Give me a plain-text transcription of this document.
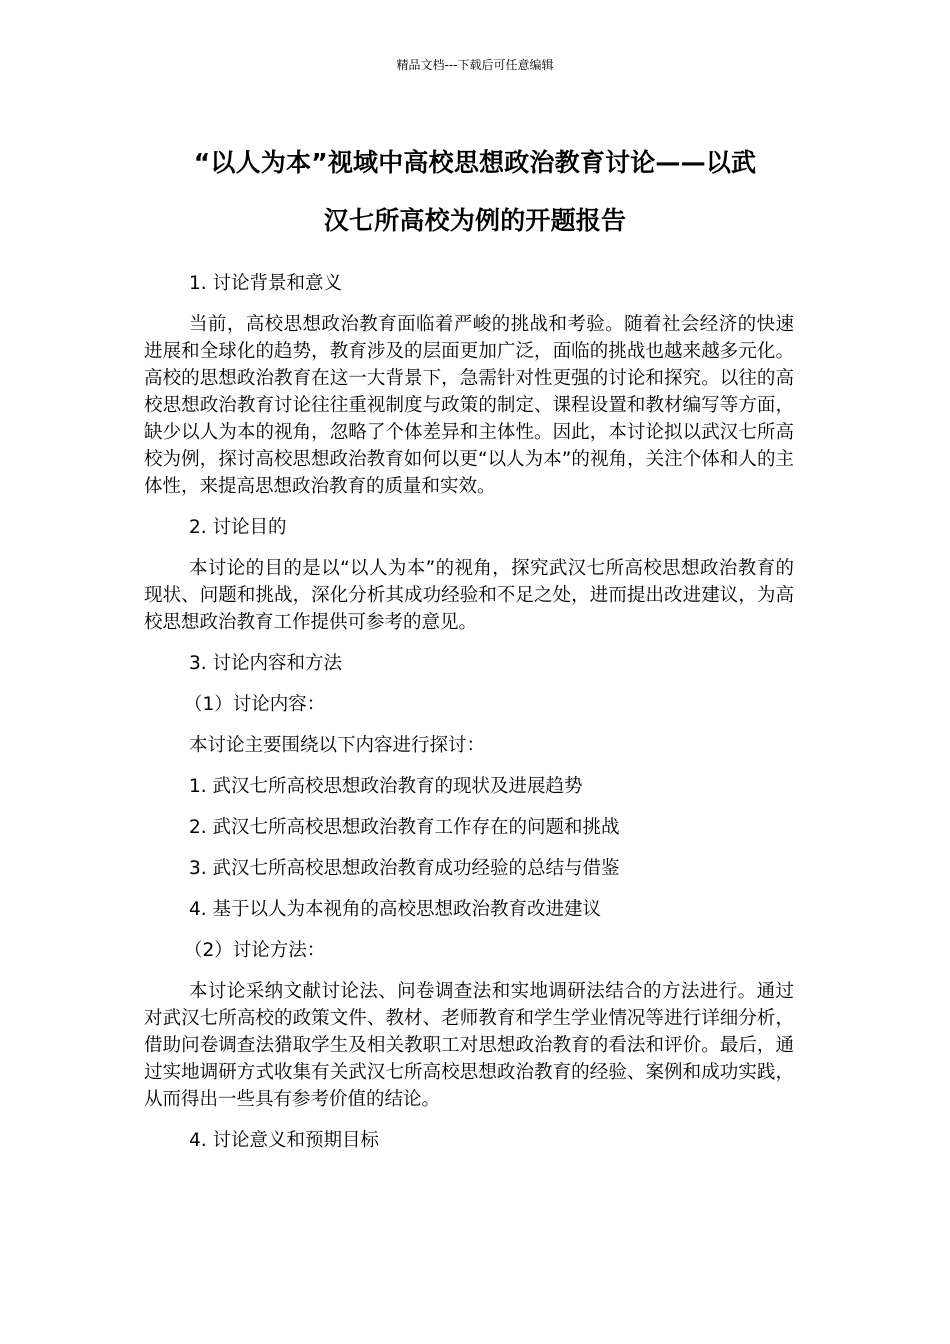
精品文档---下载后可任意编辑
“以人为本”视域中高校思想政治教育讨论——以武
汉七所高校为例的开题报告

1. 讨论背景和意义

当前，高校思想政治教育面临着严峻的挑战和考验。随着社会经济的快速进展和全球化的趋势，教育涉及的层面更加广泛，面临的挑战也越来越多元化。高校的思想政治教育在这一大背景下，急需针对性更强的讨论和探究。以往的高校思想政治教育讨论往往重视制度与政策的制定、课程设置和教材编写等方面，缺少以人为本的视角，忽略了个体差异和主体性。因此，本讨论拟以武汉七所高校为例，探讨高校思想政治教育如何以更“以人为本”的视角，关注个体和人的主体性，来提高思想政治教育的质量和实效。

2. 讨论目的

本讨论的目的是以“以人为本”的视角，探究武汉七所高校思想政治教育的现状、问题和挑战，深化分析其成功经验和不足之处，进而提出改进建议，为高校思想政治教育工作提供可参考的意见。

3. 讨论内容和方法

（1）讨论内容：

本讨论主要围绕以下内容进行探讨：

1. 武汉七所高校思想政治教育的现状及进展趋势

2. 武汉七所高校思想政治教育工作存在的问题和挑战

3. 武汉七所高校思想政治教育成功经验的总结与借鉴

4. 基于以人为本视角的高校思想政治教育改进建议

（2）讨论方法：

本讨论采纳文献讨论法、问卷调查法和实地调研法结合的方法进行。通过对武汉七所高校的政策文件、教材、老师教育和学生学业情况等进行详细分析，借助问卷调查法猎取学生及相关教职工对思想政治教育的看法和评价。最后，通过实地调研方式收集有关武汉七所高校思想政治教育的经验、案例和成功实践，从而得出一些具有参考价值的结论。

4. 讨论意义和预期目标
